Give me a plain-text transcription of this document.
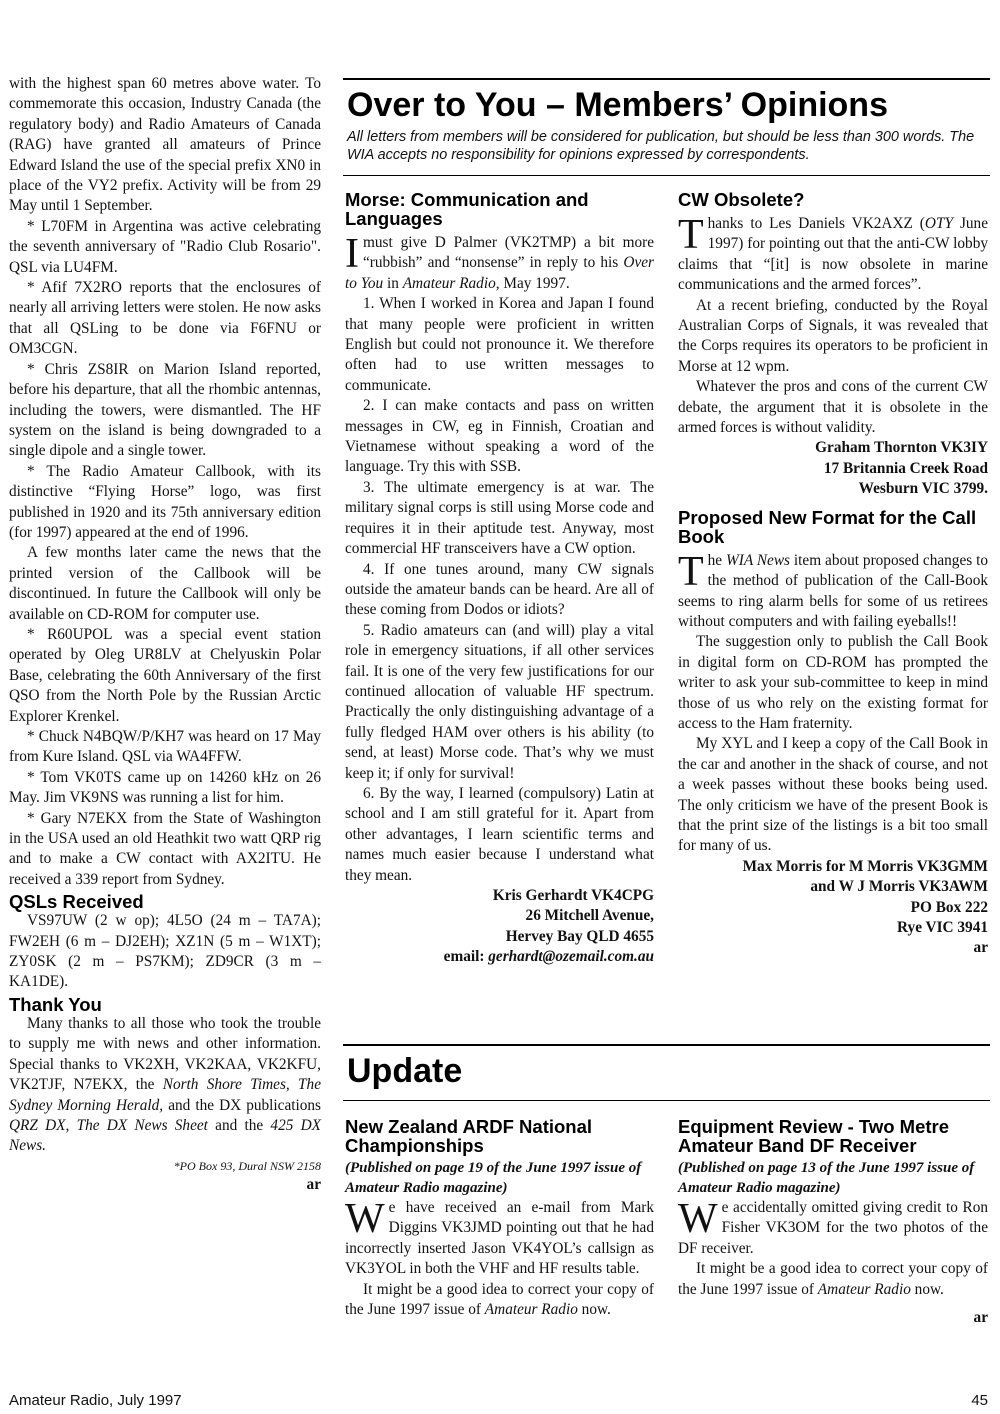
with the highest span 60 metres above water. To commemorate this occasion, Industry Canada (the regulatory body) and Radio Amateurs of Canada (RAG) have granted all amateurs of Prince Edward Island the use of the special prefix XN0 in place of the VY2 prefix. Activity will be from 29 May until 1 September.

* L70FM in Argentina was active celebrating the seventh anniversary of "Radio Club Rosario". QSL via LU4FM.

* Afif 7X2RO reports that the enclosures of nearly all arriving letters were stolen. He now asks that all QSLing to be done via F6FNU or OM3CGN.

* Chris ZS8IR on Marion Island reported, before his departure, that all the rhombic antennas, including the towers, were dismantled. The HF system on the island is being downgraded to a single dipole and a single tower.

* The Radio Amateur Callbook, with its distinctive “Flying Horse” logo, was first published in 1920 and its 75th anniversary edition (for 1997) appeared at the end of 1996.

A few months later came the news that the printed version of the Callbook will be discontinued. In future the Callbook will only be available on CD-ROM for computer use.

* R60UPOL was a special event station operated by Oleg UR8LV at Chelyuskin Polar Base, celebrating the 60th Anniversary of the first QSO from the North Pole by the Russian Arctic Explorer Krenkel.

* Chuck N4BQW/P/KH7 was heard on 17 May from Kure Island. QSL via WA4FFW.

* Tom VK0TS came up on 14260 kHz on 26 May. Jim VK9NS was running a list for him.

* Gary N7EKX from the State of Washington in the USA used an old Heathkit two watt QRP rig and to make a CW contact with AX2ITU. He received a 339 report from Sydney.

QSLs Received

VS97UW (2 w op); 4L5O (24 m – TA7A); FW2EH (6 m – DJ2EH); XZ1N (5 m – W1XT); ZY0SK (2 m – PS7KM); ZD9CR (3 m – KA1DE).

Thank You

Many thanks to all those who took the trouble to supply me with news and other information. Special thanks to VK2XH, VK2KAA, VK2KFU, VK2TJF, N7EKX, the North Shore Times, The Sydney Morning Herald, and the DX publications QRZ DX, The DX News Sheet and the 425 DX News.

*PO Box 93, Dural NSW 2158
ar
Over to You – Members’ Opinions
All letters from members will be considered for publication, but should be less than 300 words. The WIA accepts no responsibility for opinions expressed by correspondents.
Morse: Communication and Languages

Imust give D Palmer (VK2TMP) a bit more “rubbish” and “nonsense” in reply to his Over to You in Amateur Radio, May 1997.

1. When I worked in Korea and Japan I found that many people were proficient in written English but could not pronounce it. We therefore often had to use written messages to communicate.

2. I can make contacts and pass on written messages in CW, eg in Finnish, Croatian and Vietnamese without speaking a word of the language. Try this with SSB.

3. The ultimate emergency is at war. The military signal corps is still using Morse code and requires it in their aptitude test. Anyway, most commercial HF transceivers have a CW option.

4. If one tunes around, many CW signals outside the amateur bands can be heard. Are all of these coming from Dodos or idiots?

5. Radio amateurs can (and will) play a vital role in emergency situations, if all other services fail. It is one of the very few justifications for our continued allocation of valuable HF spectrum. Practically the only distinguishing advantage of a fully fledged HAM over others is his ability (to send, at least) Morse code. That’s why we must keep it; if only for survival!

6. By the way, I learned (compulsory) Latin at school and I am still grateful for it. Apart from other advantages, I learn scientific terms and names much easier because I understand what they mean.

Kris Gerhardt VK4CPG
26 Mitchell Avenue,
Hervey Bay QLD 4655
email: gerhardt@ozemail.com.au
CW Obsolete?

Thanks to Les Daniels VK2AXZ (OTY June 1997) for pointing out that the anti-CW lobby claims that “[it] is now obsolete in marine communications and the armed forces”.

At a recent briefing, conducted by the Royal Australian Corps of Signals, it was revealed that the Corps requires its operators to be proficient in Morse at 12 wpm.

Whatever the pros and cons of the current CW debate, the argument that it is obsolete in the armed forces is without validity.

Graham Thornton VK3IY
17 Britannia Creek Road
Wesburn VIC 3799.
Proposed New Format for the Call Book

The WIA News item about proposed changes to the method of publication of the Call-Book seems to ring alarm bells for some of us retirees without computers and with failing eyeballs!!

The suggestion only to publish the Call Book in digital form on CD-ROM has prompted the writer to ask your sub-committee to keep in mind those of us who rely on the existing format for access to the Ham fraternity.

My XYL and I keep a copy of the Call Book in the car and another in the shack of course, and not a week passes without these books being used. The only criticism we have of the present Book is that the print size of the listings is a bit too small for many of us.

Max Morris for M Morris VK3GMM
and W J Morris VK3AWM
PO Box 222
Rye VIC 3941
ar
Update
New Zealand ARDF National Championships
(Published on page 19 of the June 1997 issue of Amateur Radio magazine)

We have received an e-mail from Mark Diggins VK3JMD pointing out that he had incorrectly inserted Jason VK4YOL’s callsign as VK3YOL in both the VHF and HF results table.

It might be a good idea to correct your copy of the June 1997 issue of Amateur Radio now.

Equipment Review - Two Metre Amateur Band DF Receiver
(Published on page 13 of the June 1997 issue of Amateur Radio magazine)

We accidentally omitted giving credit to Ron Fisher VK3OM for the two photos of the DF receiver.

It might be a good idea to correct your copy of the June 1997 issue of Amateur Radio now.

ar
Amateur Radio, July 1997	45
